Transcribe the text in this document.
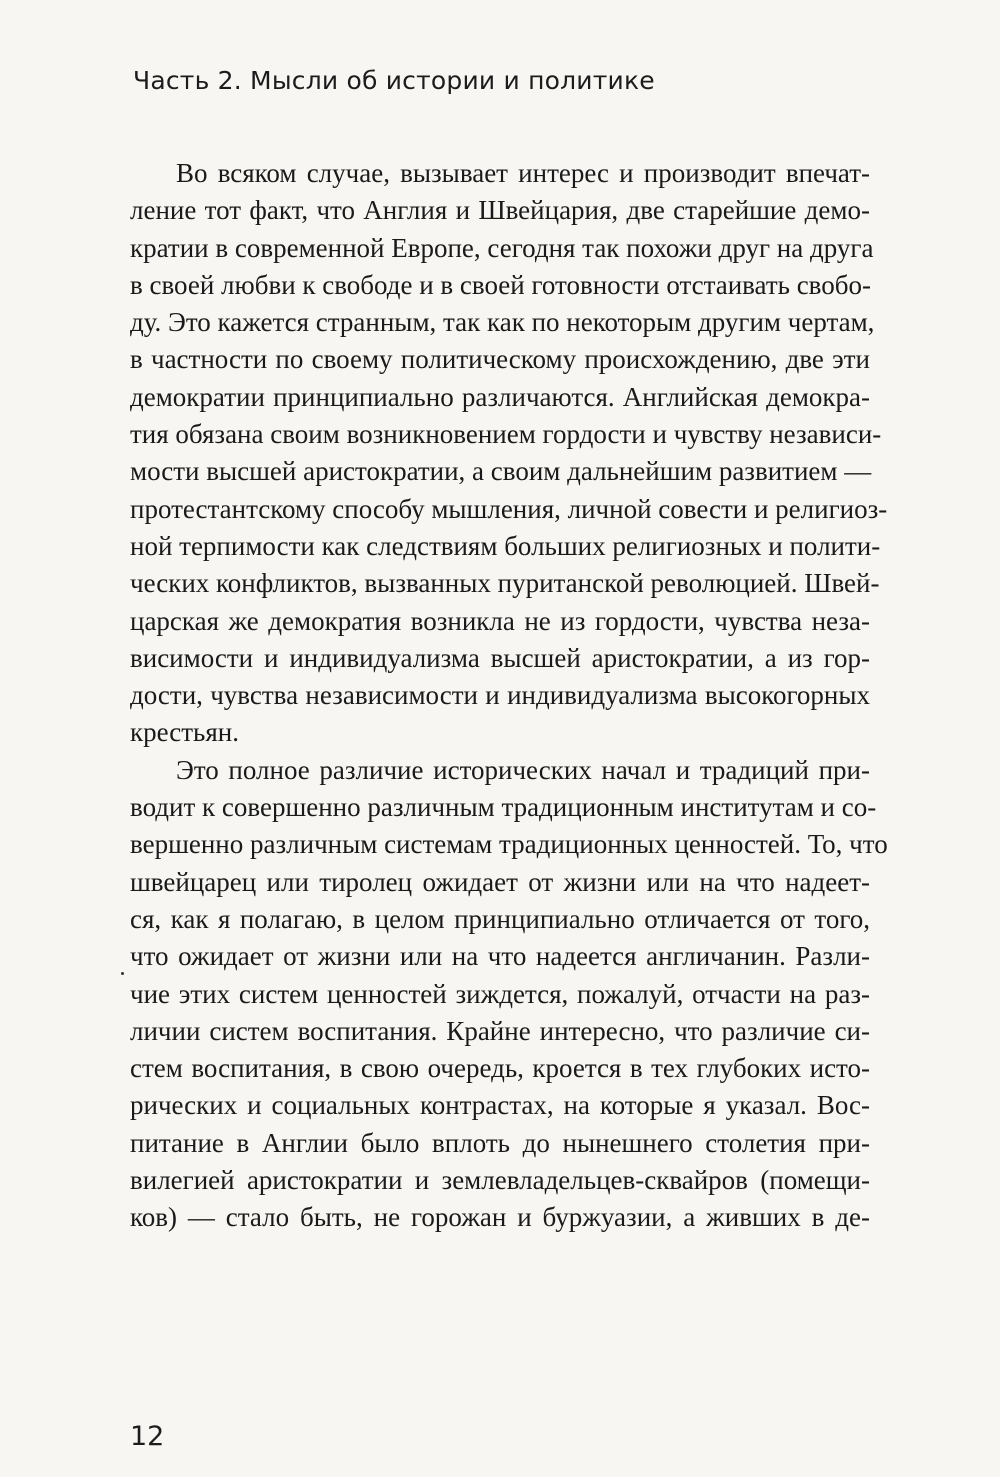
Часть 2. Мысли об истории и политике
Во всяком случае, вызывает интерес и производит впечат-
ление тот факт, что Англия и Швейцария, две старейшие демо-
кратии в современной Европе, сегодня так похожи друг на друга
в своей любви к свободе и в своей готовности отстаивать свобо-
ду. Это кажется странным, так как по некоторым другим чертам,
в частности по своему политическому происхождению, две эти
демократии принципиально различаются. Английская демокра-
тия обязана своим возникновением гордости и чувству независи-
мости высшей аристократии, а своим дальнейшим развитием —
протестантскому способу мышления, личной совести и религиоз-
ной терпимости как следствиям больших религиозных и полити-
ческих конфликтов, вызванных пуританской революцией. Швей-
царская же демократия возникла не из гордости, чувства неза-
висимости и индивидуализма высшей аристократии, а из гор-
дости, чувства независимости и индивидуализма высокогорных
крестьян.
Это полное различие исторических начал и традиций при-
водит к совершенно различным традиционным институтам и со-
вершенно различным системам традиционных ценностей. То, что
швейцарец или тиролец ожидает от жизни или на что надеет-
ся, как я полагаю, в целом принципиально отличается от того,
что ожидает от жизни или на что надеется англичанин. Разли-
чие этих систем ценностей зиждется, пожалуй, отчасти на раз-
личии систем воспитания. Крайне интересно, что различие си-
стем воспитания, в свою очередь, кроется в тех глубоких исто-
рических и социальных контрастах, на которые я указал. Вос-
питание в Англии было вплоть до нынешнего столетия при-
вилегией аристократии и землевладельцев-сквайров (помещи-
ков) — стало быть, не горожан и буржуазии, а живших в де-
12
